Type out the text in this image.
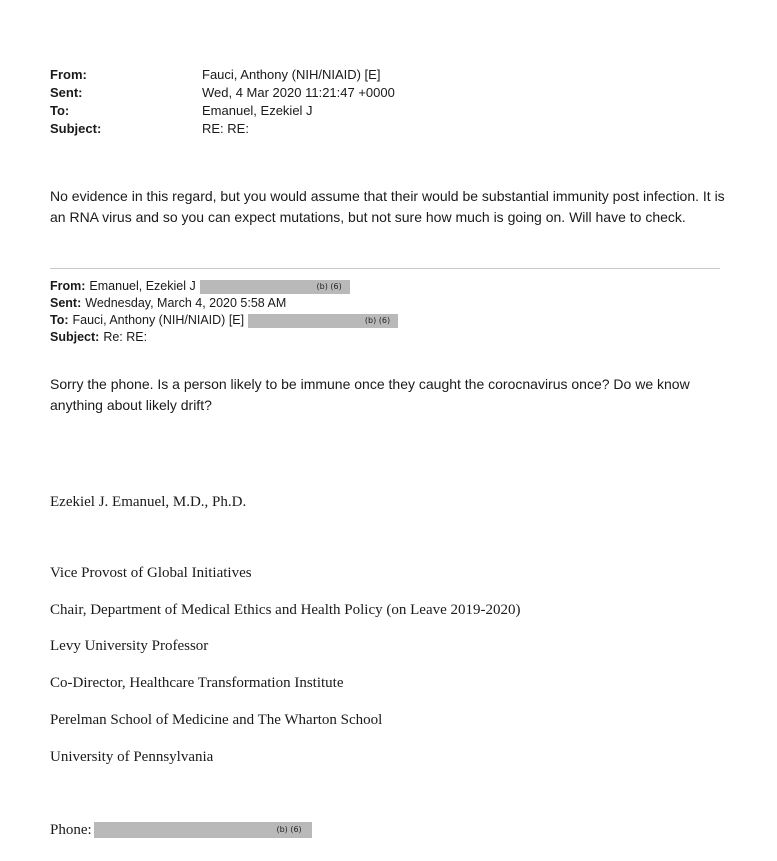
From:	Fauci, Anthony (NIH/NIAID) [E]
Sent:	Wed, 4 Mar 2020 11:21:47 +0000
To:	Emanuel, Ezekiel J
Subject:	RE: RE:

No evidence in this regard, but you would assume that their would be substantial immunity post infection. It is an RNA virus and so you can expect mutations, but not sure how much is going on. Will have to check.

From: Emanuel, Ezekiel J	(b) (6)
Sent: Wednesday, March 4, 2020 5:58 AM
To: Fauci, Anthony (NIH/NIAID) [E]	(b) (6)
Subject: Re: RE:

Sorry the phone. Is a person likely to be immune once they caught the corocnavirus once? Do we know anything about likely drift?

Ezekiel J. Emanuel, M.D., Ph.D.
Vice Provost of Global Initiatives
Chair, Department of Medical Ethics and Health Policy (on Leave 2019-2020)
Levy University Professor
Co-Director, Healthcare Transformation Institute
Perelman School of Medicine and The Wharton School
University of Pennsylvania
Phone:	(b) (6)
